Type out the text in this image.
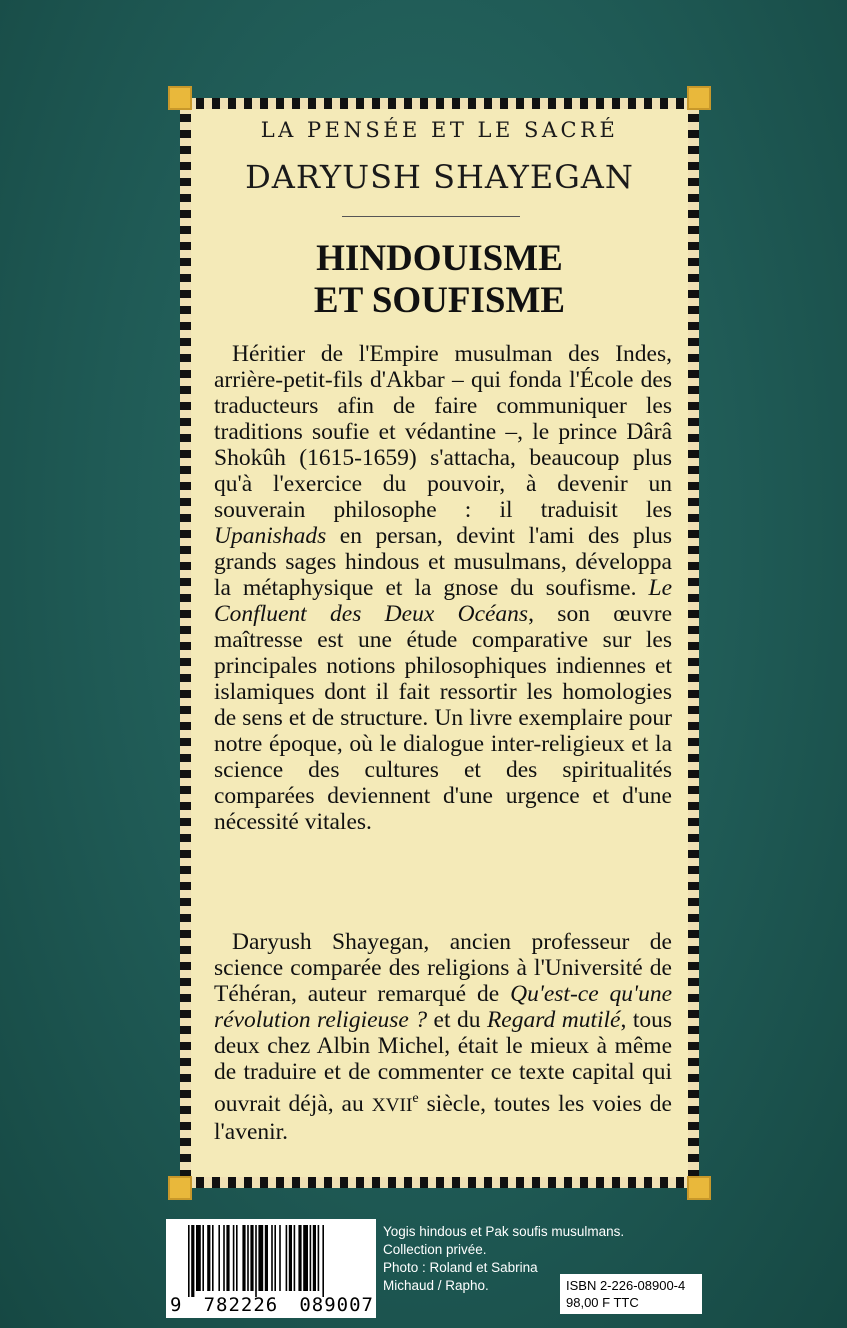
LA PENSÉE ET LE SACRÉ
DARYUSH SHAYEGAN
HINDOUISME
ET SOUFISME

Héritier de l'Empire musulman des Indes, arrière-petit-fils d'Akbar – qui fonda l'École des traducteurs afin de faire communiquer les traditions soufie et védantine –, le prince Dârâ Shokûh (1615-1659) s'attacha, beaucoup plus qu'à l'exercice du pouvoir, à devenir un souverain philosophe : il traduisit les Upanishads en persan, devint l'ami des plus grands sages hindous et musulmans, développa la métaphysique et la gnose du soufisme. Le Confluent des Deux Océans, son œuvre maîtresse est une étude comparative sur les principales notions philosophiques indiennes et islamiques dont il fait ressortir les homologies de sens et de structure. Un livre exemplaire pour notre époque, où le dialogue inter-religieux et la science des cultures et des spiritualités comparées deviennent d'une urgence et d'une nécessité vitales.

Daryush Shayegan, ancien professeur de science comparée des religions à l'Université de Téhéran, auteur remarqué de Qu'est-ce qu'une révolution religieuse ? et du Regard mutilé, tous deux chez Albin Michel, était le mieux à même de traduire et de commenter ce texte capital qui ouvrait déjà, au XVIIe siècle, toutes les voies de l'avenir.

9 782226 089007
Yogis hindous et Pak soufis musulmans.
Collection privée.
Photo : Roland et Sabrina
Michaud / Rapho.	ISBN 2-226-08900-4
98,00 F TTC
